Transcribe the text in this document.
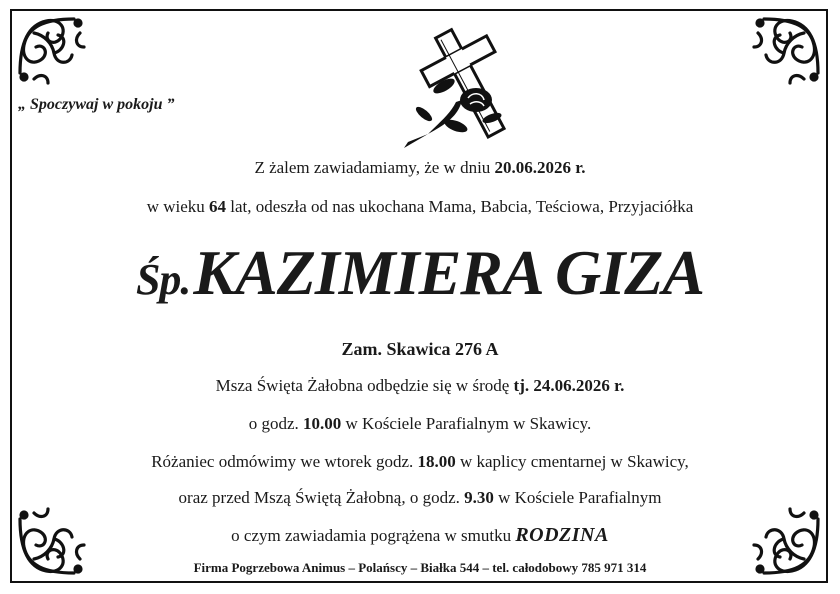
„ Spoczywaj w pokoju ”
Z żalem zawiadamiamy, że w dniu 20.06.2026 r.
w wieku 64 lat, odeszła od nas ukochana Mama, Babcia, Teściowa, Przyjaciółka
Śp. KAZIMIERA GIZA
Zam. Skawica 276 A
Msza Święta Żałobna odbędzie się w środę tj. 24.06.2026 r.
o godz. 10.00 w Kościele Parafialnym w Skawicy.
Różaniec odmówimy we wtorek godz. 18.00 w kaplicy cmentarnej w Skawicy,
oraz przed Mszą Świętą Żałobną, o godz. 9.30 w Kościele Parafialnym
o czym zawiadamia pogrążena w smutku RODZINA
Firma Pogrzebowa Animus – Polańscy – Białka 544 – tel. całodobowy 785 971 314
